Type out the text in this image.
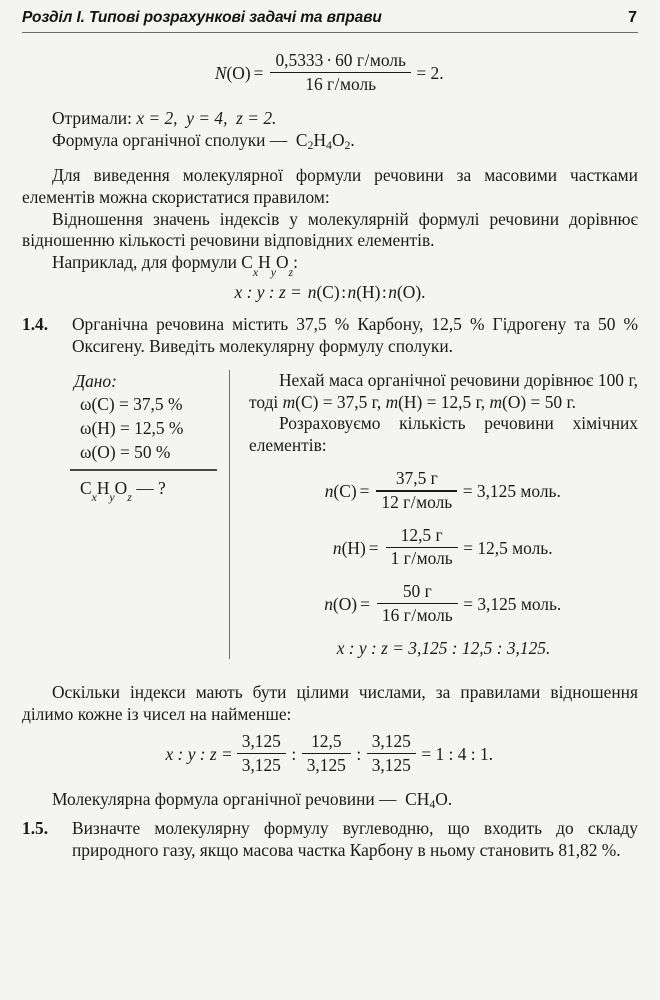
Розділ I. Типові розрахункові задачі та вправи	7
N ( O ) = $\frac{\text{0,5333 · 60 г/моль}}{\text{16 г/моль}} = 2$.
Отримали: x = 2, y = 4, z = 2.
Формула органічної сполуки — C2H4O2.
Для виведення молекулярної формули речовини за масовими частками елементів можна скористатися правилом:
Відношення значень індексів у молекулярній формулі речовини дорівнює відношенню кількості речовини відповідних елементів.
Наприклад, для формули $C_xH_yO_z$:
x : y : z = n ( C ) : n ( H ) : n ( O ) .
1.4.	Органічна речовина містить 37,5 % Карбону, 12,5 % Гідрогену та 50 % Оксигену. Виведіть молекулярну формулу сполуки.
Дано:
ω(C) = 37,5 %
ω(H) = 12,5 %
ω(O) = 50 %
$C_xH_yO_z$ — ?
Нехай маса органічної речовини дорівнює 100 г, тоді m(C) = 37,5 г, m(H) = 12,5 г, m(O) = 50 г.
Розраховуємо кількість речовини хімічних елементів:
n ( C ) = $\frac{37,5 г}{\text{12 г/моль}} = 3,125$ моль.
n ( H ) = $\frac{12,5 г}{\text{1 г/моль}} = 12,5$ моль.
n ( O ) = $\frac{50 г}{\text{16 г/моль}} = 3,125$ моль.
x : y : z = 3,125 : 12,5 : 3,125.
Оскільки індекси мають бути цілими числами, за правилами відношення ділимо кожне із чисел на найменше:
x : y : $z = \frac{3,125}{3,125}$ : $\frac{12,5}{3,125}$ : $\frac{3,125}{3,125} = 1$ : 4 : 1.
Молекулярна формула органічної речовини — CH4O.
1.5.	Визначте молекулярну формулу вуглеводню, що входить до складу природного газу, якщо масова частка Карбону в ньому становить 81,82 %.
